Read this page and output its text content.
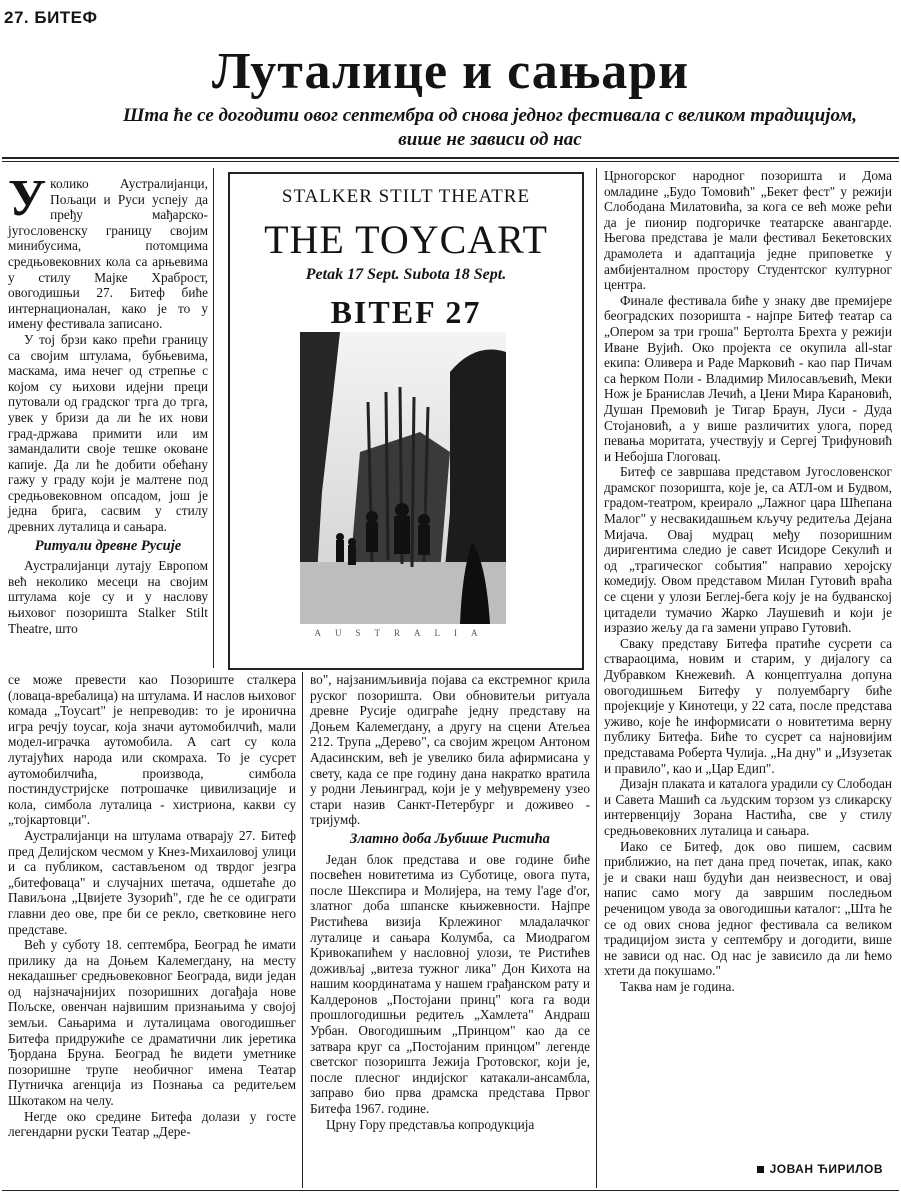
27. БИТЕФ
Луталице и сањари
Шта ће се догодити овог септембра од снова једног фестивала с великом традицијом, више не зависи од нас

Уколико Аустралијанци, Пољаци и Руси успеју да пређу мађарско-југословенску границу својим минибусима, потомцима средњовековних кола са арњевима у стилу Мајке Храброст, овогодишњи 27. Битеф биће интернационалан, како је то у имену фестивала записано.

У тој брзи како прећи границу са својим штулама, бубњевима, маскама, има нечег од стрепње с којом су њихови идејни преци путовали од градског трга до трга, увек у бризи да ли ће их нови град-држава примити или им замандалити своје тешке оковане капије. Да ли ће добити обећану гажу у граду који је малтене под средњовековном опсадом, још је једна брига, сасвим у стилу древних луталица и сањара.

Ритуали древне Русије

Аустралијанци лутају Европом већ неколико месеци на својим штулама које су и у наслову њиховог позоришта Stalker Stilt Theatre, што

STALKER STILT THEATRE
THE TOYCART
Petak 17 Sept. Subota 18 Sept.
BITEF 27
AUSTRALIA

се може превести као Позориште сталкера (ловаца-вребалица) на штулама. И наслов њиховог комада „Toycart" је непреводив: то је иронична игра речју toycar, која значи аутомобилчић, мали модел-играчка аутомобила. А cart су кола лутајућих народа или скомраха. То је сусрет аутомобилчића, производа, симбола постиндустријске потрошачке цивилизације и кола, симбола луталица - хистриона, какви су „тојкартовци".

Аустралијанци на штулама отварају 27. Битеф пред Делијском чесмом у Кнез-Михаиловој улици и са публиком, састављеном од тврдог језгра „битефоваца" и случајних шетача, одшетаће до Павиљона „Цвијете Зузорић", где ће се одиграти главни део ове, пре би се рекло, светковине него представе.

Већ у суботу 18. септембра, Београд ће имати прилику да на Доњем Калемегдану, на месту некадашњег средњовековног Београда, види један од најзначајнијих позоришних догађаја нове Пољске, овенчан највишим признањима у својој земљи. Сањарима и луталицама овогодишњег Битефа придружиће се драматични лик јеретика Ђордана Бруна. Београд ће видети уметнике позоришне трупе необичног имена Театар Путничка агенција из Познања са редитељем Шкотаком на челу.

Негде око средине Битефа долази у госте легендарни руски Театар „Дере-

во", најзанимљивија појава са екстремног крила руског позоришта. Ови обновитељи ритуала древне Русије одиграће једну представу на Доњем Калемегдану, а другу на сцени Атељеа 212. Трупа „Дерево", са својим жрецом Антоном Адасинским, већ је увелико била афирмисана у свету, када се пре годину дана накратко вратила у родни Лењинград, који је у међувремену узео стари назив Санкт-Петербург и доживео - тријумф.

Златно доба Љубише Ристића

Један блок представа и ове године биће посвећен новитетима из Суботице, овога пута, после Шекспира и Молијера, на тему l'age d'or, златног доба шпанске књижевности. Најпре Ристићева визија Крлежиног младалачког луталице и сањара Колумба, са Миодрагом Кривокапићем у насловној улози, те Ристићев доживљај „витеза тужног лика" Дон Кихота на нашим координатама у нашем грађанском рату и Калдеронов „Постојани принц" кога га води прошлогодишњи редитељ „Хамлета" Андраш Урбан. Овогодишњим „Принцом" као да се затвара круг са „Постојаним принцом" легенде светског позоришта Јежија Гротовског, који је, после плесног индијског катакали-ансамбла, заправо био прва драмска представа Првог Битефа 1967. године.

Црну Гору представља копродукција

Црногорског народног позоришта и Дома омладине „Будо Томовић" „Бекет фест" у режији Слободана Милатовића, за кога се већ може рећи да је пионир подгоричке театарске авангарде. Његова представа је мали фестивал Бекетовских драмолета и адаптација једне приповетке у амбијенталном простору Студентског културног центра.

Финале фестивала биће у знаку две премијере београдских позоришта - најпре Битеф театар са „Опером за три гроша" Бертолта Брехта у режији Иване Вујић. Око пројекта се окупила all-star екипа: Оливера и Раде Марковић - као пар Пичам са ћерком Поли - Владимир Милосављевић, Меки Нож је Бранислав Лечић, а Џени Мира Карановић, Душан Премовић је Тигар Браун, Луси - Дуда Стојановић, а у више различитих улога, поред певања моритата, учествују и Сергеј Трифуновић и Небојша Глоговац.

Битеф се завршава представом Југословенског драмског позоришта, које је, са АТЛ-ом и Будвом, градом-театром, креирало „Лажног цара Шћепана Малог" у несвакидашњем кључу редитеља Дејана Мијача. Овај мудрац међу позоришним диригентима следио је савет Исидоре Секулић и од „трагическог события" направио херојску комедију. Овом представом Милан Гутовић враћа се сцени у улози Беглеј-бега коју је на будванској цитадели тумачио Жарко Лаушевић и који је изразио жељу да га замени управо Гутовић.

Сваку представу Битефа пратиће сусрети са ствараоцима, новим и старим, у дијалогу са Дубравком Кнежевић. А концептуална допуна овогодишњем Битефу у полуембаргу биће пројекције у Кинотеци, у 22 сата, после представа уживо, које ће информисати о новитетима верну публику Битефа. Биће то сусрет са најновијим представама Роберта Чулија. „На дну" и „Изузетак и правило", као и „Цар Едип".

Дизајн плаката и каталога урадили су Слободан и Савета Машић са људским торзом уз сликарску интервенцију Зорана Настића, све у стилу средњовековних луталица и сањара.

Иако се Битеф, док ово пишем, сасвим приближио, на пет дана пред почетак, ипак, како је и сваки наш будући дан неизвесност, и овај напис само могу да завршим последњом реченицом увода за овогодишњи каталог: „Шта ће се од ових снова једног фестивала са великом традицијом зиста у септембру и догодити, више не зависи од нас. Од нас је зависило да ли ћемо хтети да покушамо."

Таква нам је година.

ЈОВАН ЋИРИЛОВ
